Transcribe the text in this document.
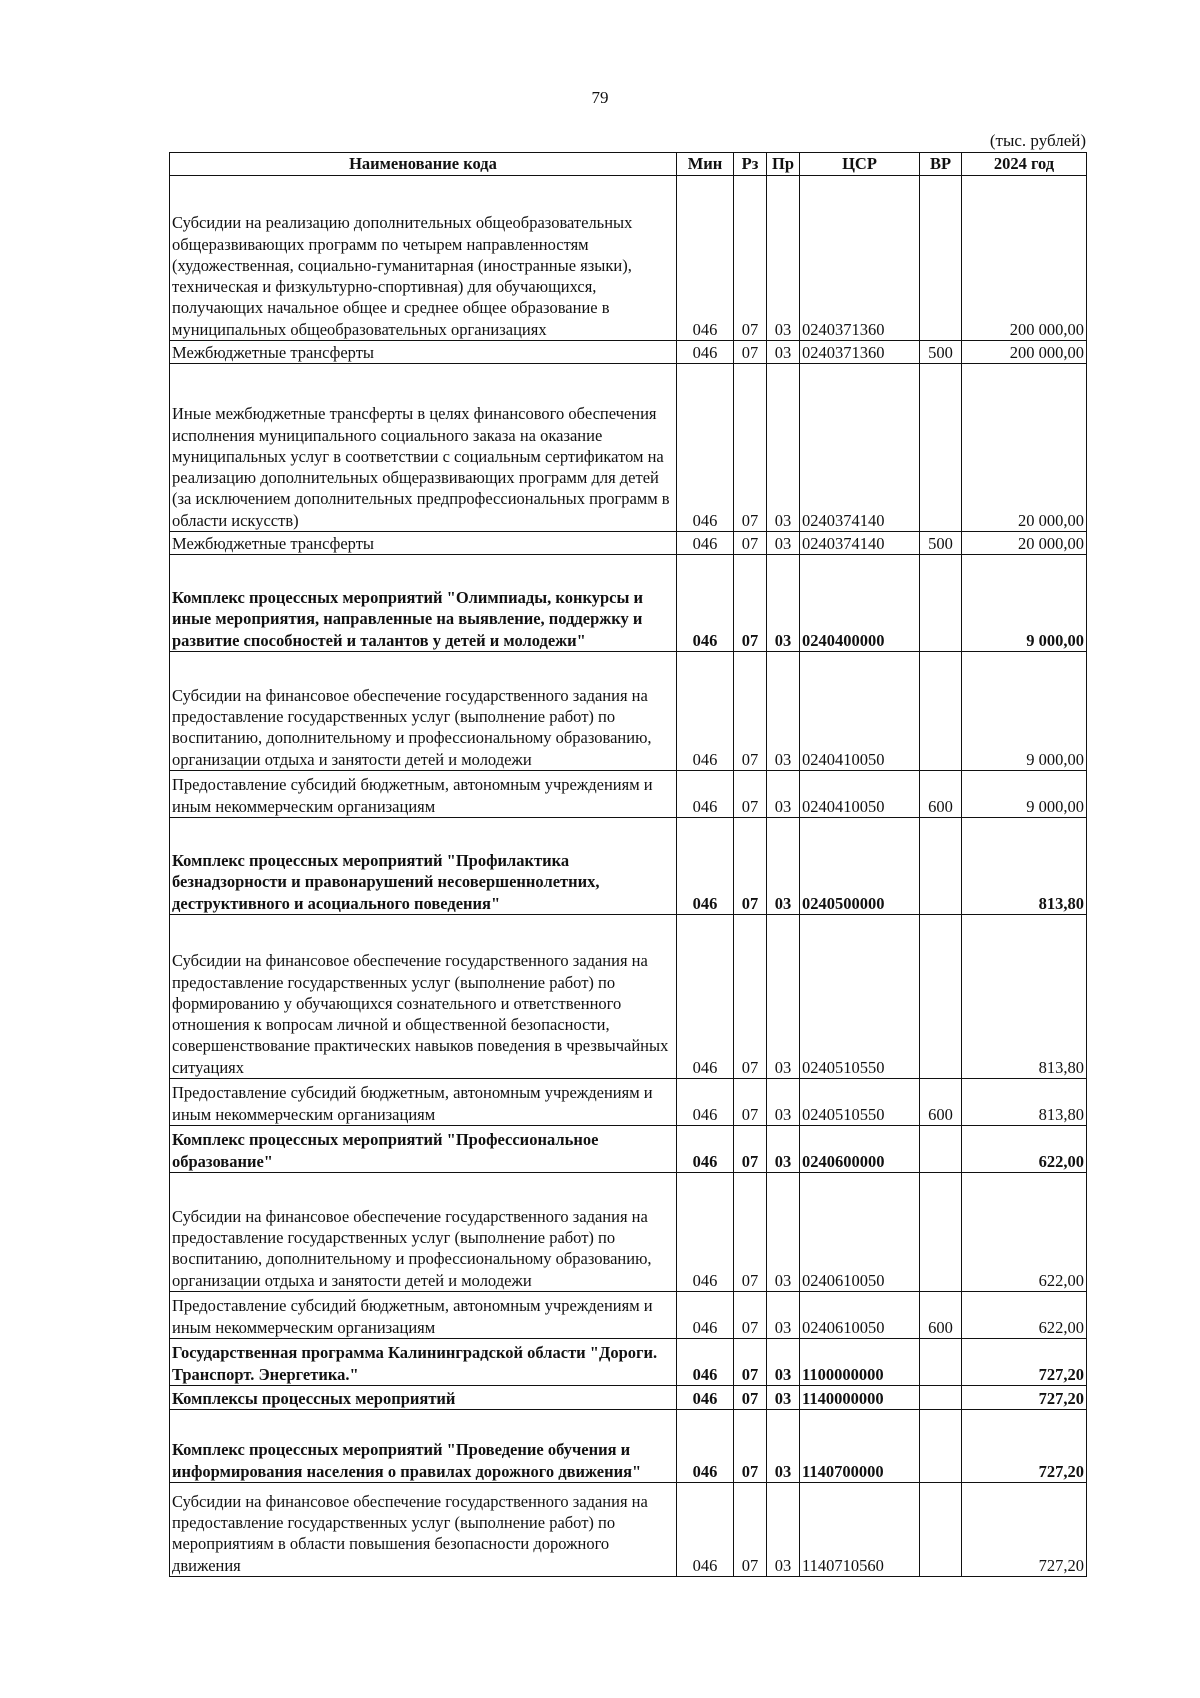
79
(тыс. рублей)
Наименование кода	Мин	Рз	Пр	ЦСР	ВР	2024 год
Субсидии на реализацию дополнительных общеобразовательных общеразвивающих программ по четырем направленностям (художественная, социально-гуманитарная (иностранные языки), техническая и физкультурно-спортивная) для обучающихся, получающих начальное общее и среднее общее образование в муниципальных общеобразовательных организациях	046	07	03	0240371360		200 000,00
Межбюджетные трансферты	046	07	03	0240371360	500	200 000,00
Иные межбюджетные трансферты в целях финансового обеспечения исполнения муниципального социального заказа на оказание муниципальных услуг в соответствии с социальным сертификатом на реализацию дополнительных общеразвивающих программ для детей (за исключением дополнительных предпрофессиональных программ в области искусств)	046	07	03	0240374140		20 000,00
Межбюджетные трансферты	046	07	03	0240374140	500	20 000,00
Комплекс процессных мероприятий "Олимпиады, конкурсы и иные мероприятия, направленные на выявление, поддержку и развитие способностей и талантов у детей и молодежи"	046	07	03	0240400000		9 000,00
Субсидии на финансовое обеспечение государственного задания на предоставление государственных услуг (выполнение работ) по воспитанию, дополнительному и профессиональному образованию, организации отдыха и занятости детей и молодежи	046	07	03	0240410050		9 000,00
Предоставление субсидий бюджетным, автономным учреждениям и иным некоммерческим организациям	046	07	03	0240410050	600	9 000,00
Комплекс процессных мероприятий "Профилактика безнадзорности и правонарушений несовершеннолетних, деструктивного и асоциального поведения"	046	07	03	0240500000		813,80
Субсидии на финансовое обеспечение государственного задания на предоставление государственных услуг (выполнение работ) по формированию у обучающихся сознательного и ответственного отношения к вопросам личной и общественной безопасности, совершенствование практических навыков поведения в чрезвычайных ситуациях	046	07	03	0240510550		813,80
Предоставление субсидий бюджетным, автономным учреждениям и иным некоммерческим организациям	046	07	03	0240510550	600	813,80
Комплекс процессных мероприятий "Профессиональное образование"	046	07	03	0240600000		622,00
Субсидии на финансовое обеспечение государственного задания на предоставление государственных услуг (выполнение работ) по воспитанию, дополнительному и профессиональному образованию, организации отдыха и занятости детей и молодежи	046	07	03	0240610050		622,00
Предоставление субсидий бюджетным, автономным учреждениям и иным некоммерческим организациям	046	07	03	0240610050	600	622,00
Государственная программа Калининградской области "Дороги. Транспорт. Энергетика."	046	07	03	1100000000		727,20
Комплексы процессных мероприятий	046	07	03	1140000000		727,20
Комплекс процессных мероприятий "Проведение обучения и информирования населения о правилах дорожного движения"	046	07	03	1140700000		727,20
Субсидии на финансовое обеспечение государственного задания на предоставление государственных услуг (выполнение работ) по мероприятиям в области повышения безопасности дорожного движения	046	07	03	1140710560		727,20
